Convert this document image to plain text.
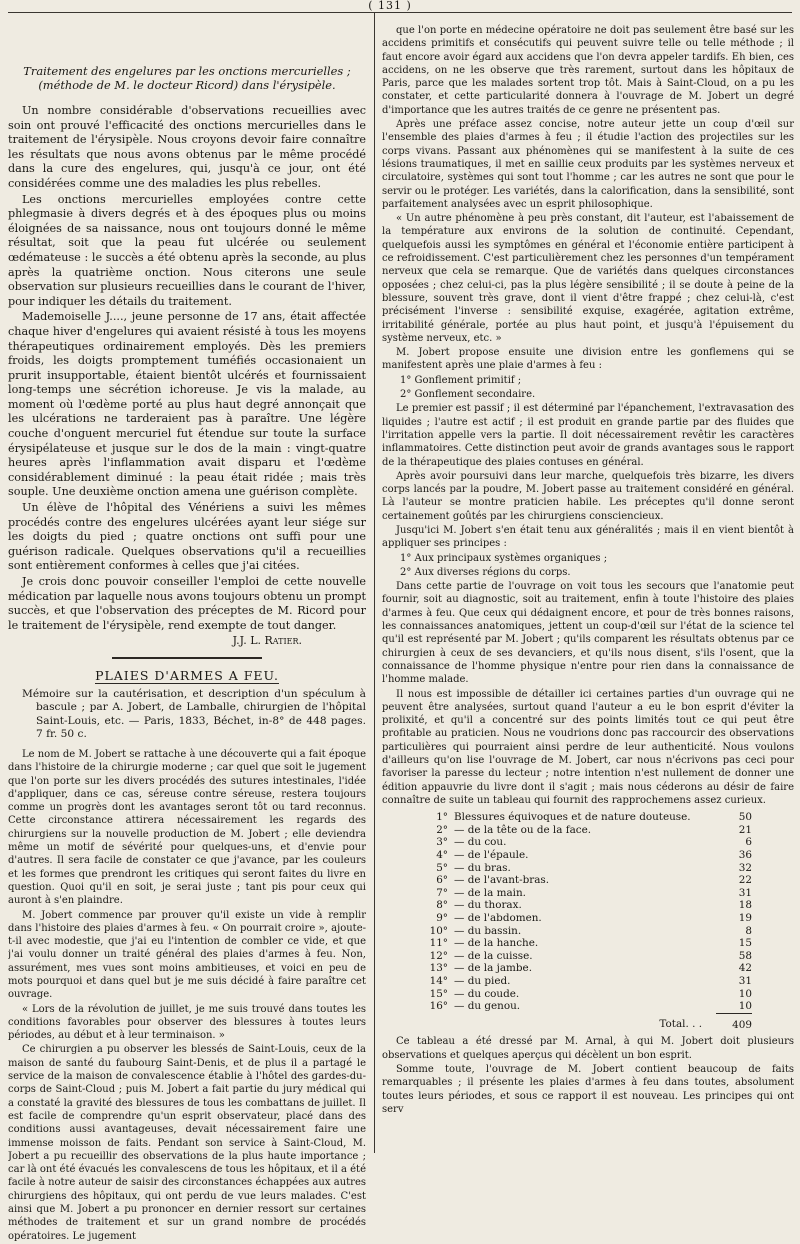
( 131 )

Traitement des engelures par les onctions mercurielles ; (méthode de M. le docteur Ricord) dans l'érysipèle.

Un nombre considérable d'observations recueillies avec soin ont prouvé l'efficacité des onctions mercurielles dans le traitement de l'érysipèle. Nous croyons devoir faire connaître les résultats que nous avons obtenus par le même procédé dans la cure des engelures, qui, jusqu'à ce jour, ont été considérées comme une des maladies les plus rebelles.

Les onctions mercurielles employées contre cette phlegmasie à divers degrés et à des époques plus ou moins éloignées de sa naissance, nous ont toujours donné le même résultat, soit que la peau fut ulcérée ou seulement œdémateuse : le succès a été obtenu après la seconde, au plus après la quatrième onction. Nous citerons une seule observation sur plusieurs recueillies dans le courant de l'hiver, pour indiquer les détails du traitement.

Mademoiselle J...., jeune personne de 17 ans, était affectée chaque hiver d'engelures qui avaient résisté à tous les moyens thérapeutiques ordinairement employés. Dès les premiers froids, les doigts promptement tuméfiés occasionaient un prurit insupportable, étaient bientôt ulcérés et fournissaient long-temps une sécrétion ichoreuse. Je vis la malade, au moment où l'œdème porté au plus haut degré annonçait que les ulcérations ne tarderaient pas à paraître. Une légère couche d'onguent mercuriel fut étendue sur toute la surface érysipélateuse et jusque sur le dos de la main : vingt-quatre heures après l'inflammation avait disparu et l'œdème considérablement diminué : la peau était ridée ; mais très souple. Une deuxième onction amena une guérison complète.

Un élève de l'hôpital des Vénériens a suivi les mêmes procédés contre des engelures ulcérées ayant leur siége sur les doigts du pied ; quatre onctions ont suffi pour une guérison radicale. Quelques observations qu'il a recueillies sont entièrement conformes à celles que j'ai citées.

Je crois donc pouvoir conseiller l'emploi de cette nouvelle médication par laquelle nous avons toujours obtenu un prompt succès, et que l'observation des préceptes de M. Ricord pour le traitement de l'érysipèle, rend exempte de tout danger.

J.J. L. Ratier.

PLAIES D'ARMES A FEU.

Mémoire sur la cautérisation, et description d'un spéculum à bascule ; par A. Jobert, de Lamballe, chirurgien de l'hôpital Saint-Louis, etc. — Paris, 1833, Béchet, in-8° de 448 pages. 7 fr. 50 c.

Le nom de M. Jobert se rattache à une découverte qui a fait époque dans l'histoire de la chirurgie moderne ; car quel que soit le jugement que l'on porte sur les divers procédés des sutures intestinales, l'idée d'appliquer, dans ce cas, séreuse contre séreuse, restera toujours comme un progrès dont les avantages seront tôt ou tard reconnus. Cette circonstance attirera nécessairement les regards des chirurgiens sur la nouvelle production de M. Jobert ; elle deviendra même un motif de sévérité pour quelques-uns, et d'envie pour d'autres. Il sera facile de constater ce que j'avance, par les couleurs et les formes que prendront les critiques qui seront faites du livre en question. Quoi qu'il en soit, je serai juste ; tant pis pour ceux qui auront à s'en plaindre.

M. Jobert commence par prouver qu'il existe un vide à remplir dans l'histoire des plaies d'armes à feu. « On pourrait croire », ajoute-t-il avec modestie, que j'ai eu l'intention de combler ce vide, et que j'ai voulu donner un traité général des plaies d'armes à feu. Non, assurément, mes vues sont moins ambitieuses, et voici en peu de mots pourquoi et dans quel but je me suis décidé à faire paraître cet ouvrage.

« Lors de la révolution de juillet, je me suis trouvé dans toutes les conditions favorables pour observer des blessures à toutes leurs périodes, au début et à leur terminaison. »

Ce chirurgien a pu observer les blessés de Saint-Louis, ceux de la maison de santé du faubourg Saint-Denis, et de plus il a partagé le service de la maison de convalescence établie à l'hôtel des gardes-du-corps de Saint-Cloud ; puis M. Jobert a fait partie du jury médical qui a constaté la gravité des blessures de tous les combattans de juillet. Il est facile de comprendre qu'un esprit observateur, placé dans des conditions aussi avantageuses, devait nécessairement faire une immense moisson de faits. Pendant son service à Saint-Cloud, M. Jobert a pu recueillir des observations de la plus haute importance ; car là ont été évacués les convalescens de tous les hôpitaux, et il a été facile à notre auteur de saisir des circonstances échappées aux autres chirurgiens des hôpitaux, qui ont perdu de vue leurs malades. C'est ainsi que M. Jobert a pu prononcer en dernier ressort sur certaines méthodes de traitement et sur un grand nombre de procédés opératoires. Le jugement

que l'on porte en médecine opératoire ne doit pas seulement être basé sur les accidens primitifs et consécutifs qui peuvent suivre telle ou telle méthode ; il faut encore avoir égard aux accidens que l'on devra appeler tardifs. Eh bien, ces accidens, on ne les observe que très rarement, surtout dans les hôpitaux de Paris, parce que les malades sortent trop tôt. Mais à Saint-Cloud, on a pu les constater, et cette particularité donnera à l'ouvrage de M. Jobert un degré d'importance que les autres traités de ce genre ne présentent pas.

Après une préface assez concise, notre auteur jette un coup d'œil sur l'ensemble des plaies d'armes à feu ; il étudie l'action des projectiles sur les corps vivans. Passant aux phénomènes qui se manifestent à la suite de ces lésions traumatiques, il met en saillie ceux produits par les systèmes nerveux et circulatoire, systèmes qui sont tout l'homme ; car les autres ne sont que pour le servir ou le protéger. Les variétés, dans la calorification, dans la sensibilité, sont parfaitement analysées avec un esprit philosophique.

« Un autre phénomène à peu près constant, dit l'auteur, est l'abaissement de la température aux environs de la solution de continuité. Cependant, quelquefois aussi les symptômes en général et l'économie entière participent à ce refroidissement. C'est particulièrement chez les personnes d'un tempérament nerveux que cela se remarque. Que de variétés dans quelques circonstances opposées ; chez celui-ci, pas la plus légère sensibilité ; il se doute à peine de la blessure, souvent très grave, dont il vient d'être frappé ; chez celui-là, c'est précisément l'inverse : sensibilité exquise, exagérée, agitation extrême, irritabilité générale, portée au plus haut point, et jusqu'à l'épuisement du système nerveux, etc. »

M. Jobert propose ensuite une division entre les gonflemens qui se manifestent après une plaie d'armes à feu :

1° Gonflement primitif ;

2° Gonflement secondaire.

Le premier est passif ; il est déterminé par l'épanchement, l'extravasation des liquides ; l'autre est actif ; il est produit en grande partie par des fluides que l'irritation appelle vers la partie. Il doit nécessairement revêtir les caractères inflammatoires. Cette distinction peut avoir de grands avantages sous le rapport de la thérapeutique des plaies contuses en général.

Après avoir poursuivi dans leur marche, quelquefois très bizarre, les divers corps lancés par la poudre, M. Jobert passe au traitement considéré en général. Là l'auteur se montre praticien habile. Les préceptes qu'il donne seront certainement goûtés par les chirurgiens consciencieux.

Jusqu'ici M. Jobert s'en était tenu aux généralités ; mais il en vient bientôt à appliquer ses principes :

1° Aux principaux systèmes organiques ;

2° Aux diverses régions du corps.

Dans cette partie de l'ouvrage on voit tous les secours que l'anatomie peut fournir, soit au diagnostic, soit au traitement, enfin à toute l'histoire des plaies d'armes à feu. Que ceux qui dédaignent encore, et pour de très bonnes raisons, les connaissances anatomiques, jettent un coup-d'œil sur l'état de la science tel qu'il est représenté par M. Jobert ; qu'ils comparent les résultats obtenus par ce chirurgien à ceux de ses devanciers, et qu'ils nous disent, s'ils l'osent, que la connaissance de l'homme physique n'entre pour rien dans la connaissance de l'homme malade.

Il nous est impossible de détailler ici certaines parties d'un ouvrage qui ne peuvent être analysées, surtout quand l'auteur a eu le bon esprit d'éviter la prolixité, et qu'il a concentré sur des points limités tout ce qui peut être profitable au praticien. Nous ne voudrions donc pas raccourcir des observations particulières qui pourraient ainsi perdre de leur authenticité. Nous voulons d'ailleurs qu'on lise l'ouvrage de M. Jobert, car nous n'écrivons pas ceci pour favoriser la paresse du lecteur ; notre intention n'est nullement de donner une édition appauvrie du livre dont il s'agit ; mais nous céderons au désir de faire connaître de suite un tableau qui fournit des rapprochemens assez curieux.

1°	Blessures équivoques et de nature douteuse.	50
2°	— de la tête ou de la face.	21
3°	— du cou.	6
4°	— de l'épaule.	36
5°	— du bras.	32
6°	— de l'avant-bras.	22
7°	— de la main.	31
8°	— du thorax.	18
9°	— de l'abdomen.	19
10°	— du bassin.	8
11°	— de la hanche.	15
12°	— de la cuisse.	58
13°	— de la jambe.	42
14°	— du pied.	31
15°	— du coude.	10
16°	— du genou.	10
	Total. . .	409

Ce tableau a été dressé par M. Arnal, à qui M. Jobert doit plusieurs observations et quelques aperçus qui décèlent un bon esprit.

Somme toute, l'ouvrage de M. Jobert contient beaucoup de faits remarquables ; il présente les plaies d'armes à feu dans toutes, absolument toutes leurs périodes, et sous ce rapport il est nouveau. Les principes qui ont serv
